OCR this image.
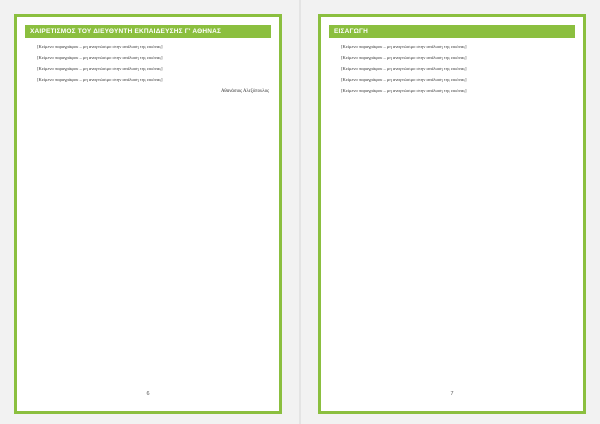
ΧΑΙΡΕΤΙΣΜΟΣ ΤΟΥ ΔΙΕΥΘΥΝΤΗ ΕΚΠΑΙΔΕΥΣΗΣ Γ' ΑΘΗΝΑΣ

[Κείμενο παραγράφου – μη αναγνώσιμο στην ανάλυση της εικόνας]

[Κείμενο παραγράφου – μη αναγνώσιμο στην ανάλυση της εικόνας]

[Κείμενο παραγράφου – μη αναγνώσιμο στην ανάλυση της εικόνας]

[Κείμενο παραγράφου – μη αναγνώσιμο στην ανάλυση της εικόνας]

Αθανάσιος Αλεξόπουλος
6
ΕΙΣΑΓΩΓΗ

[Κείμενο παραγράφου – μη αναγνώσιμο στην ανάλυση της εικόνας]

[Κείμενο παραγράφου – μη αναγνώσιμο στην ανάλυση της εικόνας]

[Κείμενο παραγράφου – μη αναγνώσιμο στην ανάλυση της εικόνας]

[Κείμενο παραγράφου – μη αναγνώσιμο στην ανάλυση της εικόνας]

[Κείμενο παραγράφου – μη αναγνώσιμο στην ανάλυση της εικόνας]

7
